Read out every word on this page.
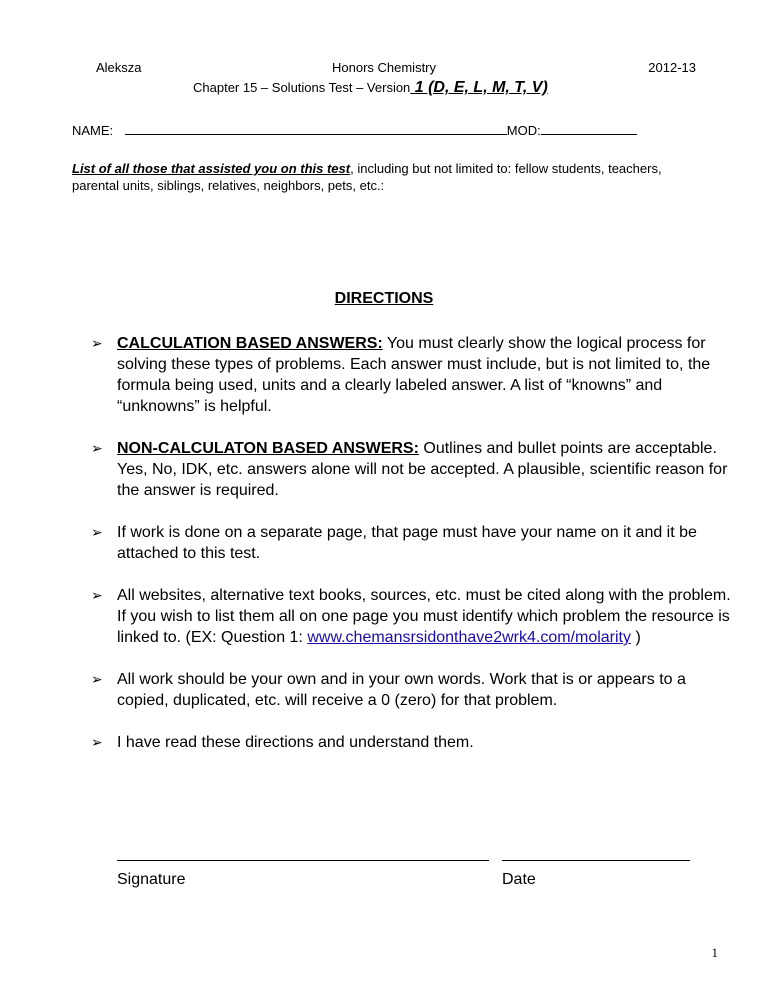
Aleksza	Honors Chemistry	2012-13
Chapter 15 – Solutions Test – Version 1 (D, E, L, M, T, V)
NAME:	MOD:
List of all those that assisted you on this test, including but not limited to: fellow students, teachers, parental units, siblings, relatives, neighbors, pets, etc.:
DIRECTIONS
➢ CALCULATION BASED ANSWERS: You must clearly show the logical process for solving these types of problems. Each answer must include, but is not limited to, the formula being used, units and a clearly labeled answer. A list of “knowns” and “unknowns” is helpful.
➢ NON-CALCULATON BASED ANSWERS: Outlines and bullet points are acceptable. Yes, No, IDK, etc. answers alone will not be accepted. A plausible, scientific reason for the answer is required.
➢ If work is done on a separate page, that page must have your name on it and it be attached to this test.
➢ All websites, alternative text books, sources, etc. must be cited along with the problem. If you wish to list them all on one page you must identify which problem the resource is linked to. (EX: Question 1: www.chemansrsidonthave2wrk4.com/molarity )
➢ All work should be your own and in your own words. Work that is or appears to a copied, duplicated, etc. will receive a 0 (zero) for that problem.
➢ I have read these directions and understand them.
Signature	Date
1
